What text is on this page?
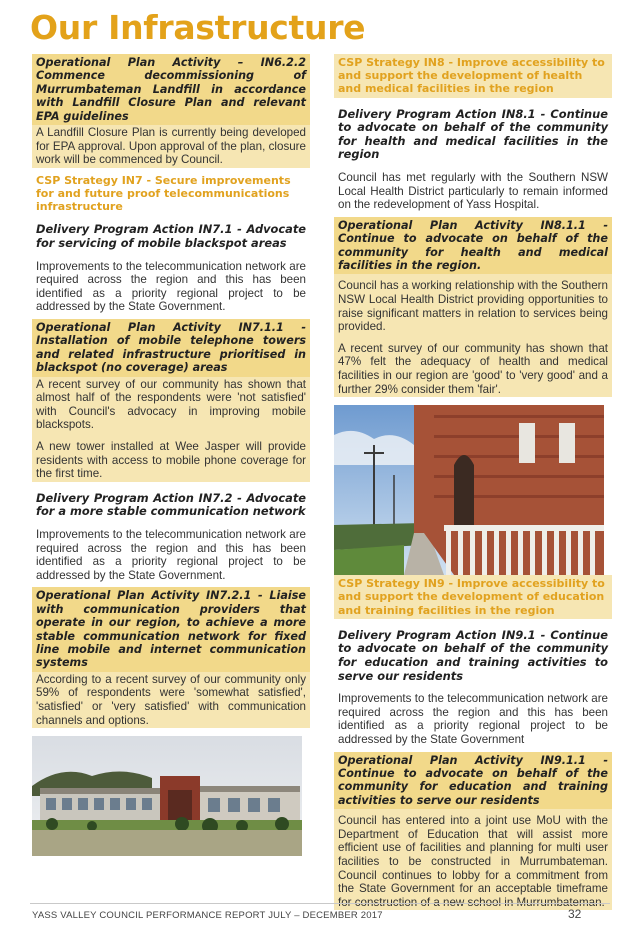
Our Infrastructure

Operational Plan Activity – IN6.2.2 Commence decommissioning of Murrumbateman Landfill in accordance with Landfill Closure Plan and relevant EPA guidelines

A Landfill Closure Plan is currently being developed for EPA approval. Upon approval of the plan, closure work will be commenced by Council.

CSP Strategy IN7 - Secure improvements for and future proof telecommunications infrastructure

Delivery Program Action IN7.1 - Advocate for servicing of mobile blackspot areas

Improvements to the telecommunication network are required across the region and this has been identified as a priority regional project to be addressed by the State Government.

Operational Plan Activity IN7.1.1 - Installation of mobile telephone towers and related infrastructure prioritised in blackspot (no coverage) areas

A recent survey of our community has shown that almost half of the respondents were 'not satisfied' with Council's advocacy in improving mobile blackspots.

A new tower installed at Wee Jasper will provide residents with access to mobile phone coverage for the first time.

Delivery Program Action IN7.2 - Advocate for a more stable communication network

Improvements to the telecommunication network are required across the region and this has been identified as a priority regional project to be addressed by the State Government.

Operational Plan Activity IN7.2.1 - Liaise with communication providers that operate in our region, to achieve a more stable communication network for fixed line mobile and internet communication systems

According to a recent survey of our community only 59% of respondents were 'somewhat satisfied', 'satisfied' or 'very satisfied' with communication channels and options.

CSP Strategy IN8 - Improve accessibility to and support the development of health and medical facilities in the region

Delivery Program Action IN8.1 - Continue to advocate on behalf of the community for health and medical facilities in the region

Council has met regularly with the Southern NSW Local Health District particularly to remain informed on the redevelopment of Yass Hospital.

Operational Plan Activity IN8.1.1 - Continue to advocate on behalf of the community for health and medical facilities in the region.

Council has a working relationship with the Southern NSW Local Health District providing opportunities to raise significant matters in relation to services being provided.

A recent survey of our community has shown that 47% felt the adequacy of health and medical facilities in our region are 'good' to 'very good' and a further 29% consider them 'fair'.

CSP Strategy IN9 - Improve accessibility to and support the development of education and training facilities in the region

Delivery Program Action IN9.1 - Continue to advocate on behalf of the community for education and training activities to serve our residents

Improvements to the telecommunication network are required across the region and this has been identified as a priority regional project to be addressed by the State Government

Operational Plan Activity IN9.1.1 - Continue to advocate on behalf of the community for education and training activities to serve our residents

Council has entered into a joint use MoU with the Department of Education that will assist more efficient use of facilities and planning for multi user facilities to be constructed in Murrumbateman. Council continues to lobby for a commitment from the State Government for an acceptable timeframe for construction of a new school in Murrumbateman.

YASS VALLEY COUNCIL PERFORMANCE REPORT JULY – DECEMBER 2017	32
